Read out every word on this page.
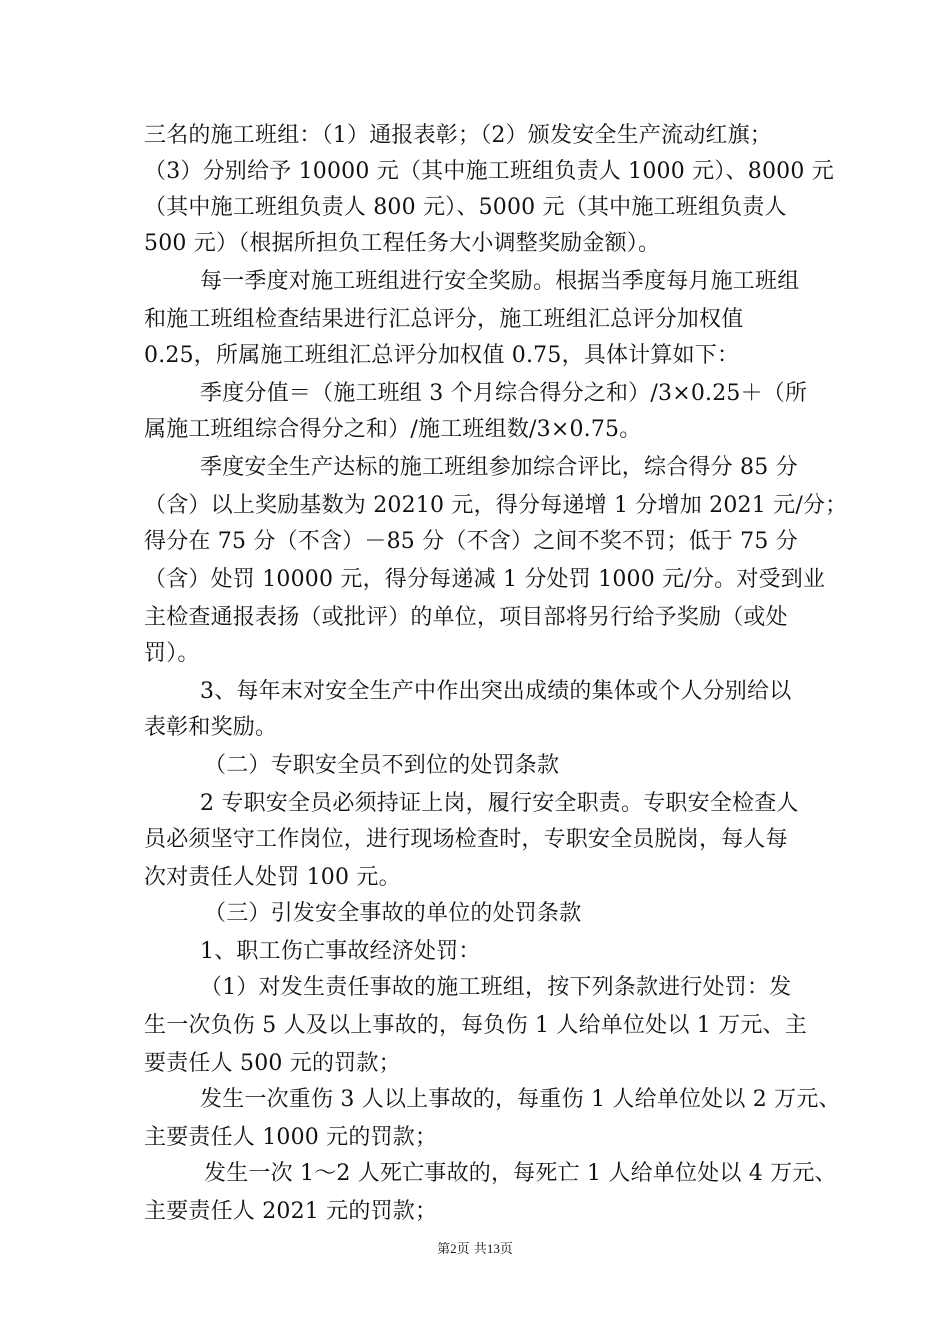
三名的施工班组：（1）通报表彰；（2）颁发安全生产流动红旗；
（3）分别给予 10000 元（其中施工班组负责人 1000 元）、8000 元
（其中施工班组负责人 800 元）、5000 元（其中施工班组负责人
500 元）（根据所担负工程任务大小调整奖励金额）。
每一季度对施工班组进行安全奖励。根据当季度每月施工班组
和施工班组检查结果进行汇总评分，施工班组汇总评分加权值
0.25，所属施工班组汇总评分加权值 0.75，具体计算如下：
季度分值＝（施工班组 3 个月综合得分之和）/3×0.25＋（所
属施工班组综合得分之和）/施工班组数/3×0.75。
季度安全生产达标的施工班组参加综合评比，综合得分 85 分
（含）以上奖励基数为 20210 元，得分每递增 1 分增加 2021 元/分；
得分在 75 分（不含）－85 分（不含）之间不奖不罚；低于 75 分
（含）处罚 10000 元，得分每递减 1 分处罚 1000 元/分。对受到业
主检查通报表扬（或批评）的单位，项目部将另行给予奖励（或处
罚）。
3、每年末对安全生产中作出突出成绩的集体或个人分别给以
表彰和奖励。
（二）专职安全员不到位的处罚条款
2 专职安全员必须持证上岗，履行安全职责。专职安全检查人
员必须坚守工作岗位，进行现场检查时，专职安全员脱岗，每人每
次对责任人处罚 100 元。
（三）引发安全事故的单位的处罚条款
1、职工伤亡事故经济处罚：
（1）对发生责任事故的施工班组，按下列条款进行处罚：发
生一次负伤 5 人及以上事故的，每负伤 1 人给单位处以 1 万元、主
要责任人 500 元的罚款；
发生一次重伤 3 人以上事故的，每重伤 1 人给单位处以 2 万元、
主要责任人 1000 元的罚款；
发生一次 1～2 人死亡事故的，每死亡 1 人给单位处以 4 万元、
主要责任人 2021 元的罚款；
第2页 共13页
